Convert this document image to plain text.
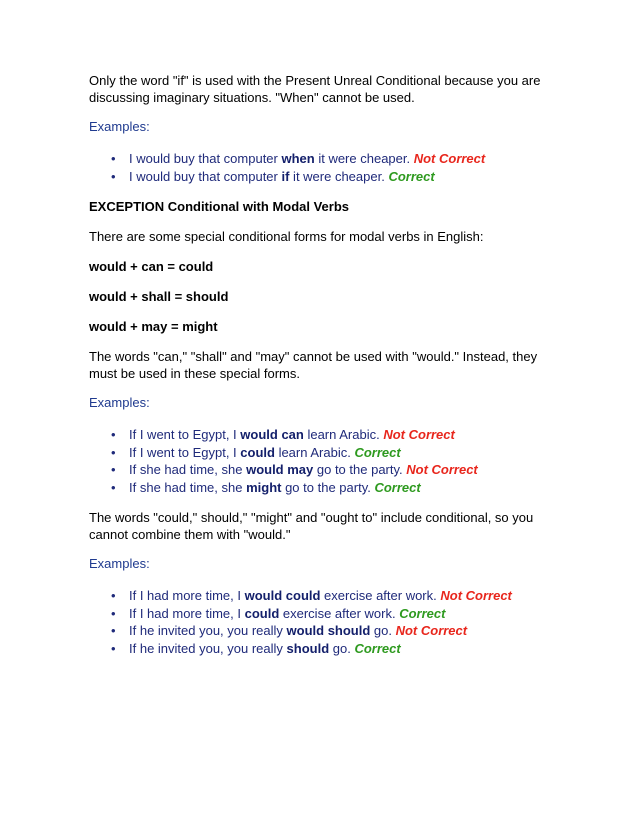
Only the word "if" is used with the Present Unreal Conditional because you are discussing imaginary situations. "When" cannot be used.

Examples:

• I would buy that computer when it were cheaper. Not Correct
• I would buy that computer if it were cheaper. Correct

EXCEPTION Conditional with Modal Verbs

There are some special conditional forms for modal verbs in English:

would + can = could

would + shall = should

would + may = might

The words "can," "shall" and "may" cannot be used with "would." Instead, they must be used in these special forms.

Examples:

• If I went to Egypt, I would can learn Arabic. Not Correct
• If I went to Egypt, I could learn Arabic. Correct
• If she had time, she would may go to the party. Not Correct
• If she had time, she might go to the party. Correct

The words "could," should," "might" and "ought to" include conditional, so you cannot combine them with "would."

Examples:

• If I had more time, I would could exercise after work. Not Correct
• If I had more time, I could exercise after work. Correct
• If he invited you, you really would should go. Not Correct
• If he invited you, you really should go. Correct
